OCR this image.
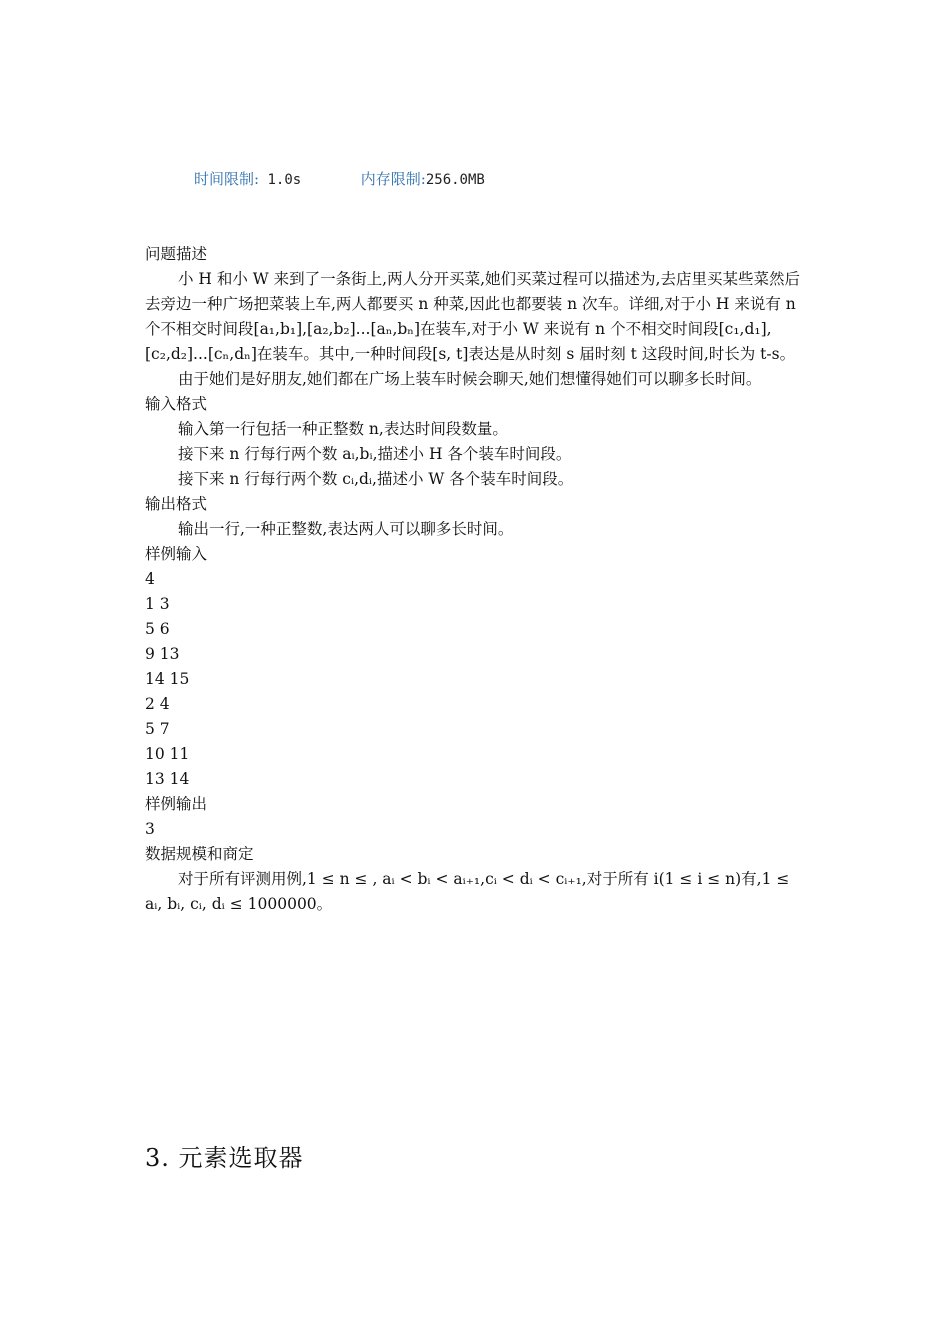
时间限制: 1.0s	内存限制:256.0MB

问题描述

小 H 和小 W 来到了一条街上,两人分开买菜,她们买菜过程可以描述为,去店里买某些菜然后去旁边一种广场把菜装上车,两人都要买 n 种菜,因此也都要装 n 次车。详细,对于小 H 来说有 n 个不相交时间段[a₁,b₁],[a₂,b₂]...[aₙ,bₙ]在装车,对于小 W 来说有 n 个不相交时间段[c₁,d₁],[c₂,d₂]...[cₙ,dₙ]在装车。其中,一种时间段[s, t]表达是从时刻 s 届时刻 t 这段时间,时长为 t-s。

由于她们是好朋友,她们都在广场上装车时候会聊天,她们想懂得她们可以聊多长时间。

输入格式

输入第一行包括一种正整数 n,表达时间段数量。

接下来 n 行每行两个数 aᵢ,bᵢ,描述小 H 各个装车时间段。

接下来 n 行每行两个数 cᵢ,dᵢ,描述小 W 各个装车时间段。

输出格式

输出一行,一种正整数,表达两人可以聊多长时间。

样例输入

4

1 3

5 6

9 13

14 15

2 4

5 7

10 11

13 14

样例输出

3

数据规模和商定

对于所有评测用例,1 ≤ n ≤ , aᵢ < bᵢ < aᵢ₊₁,cᵢ < dᵢ < cᵢ₊₁,对于所有 i(1 ≤ i ≤ n)有,1 ≤ aᵢ, bᵢ, cᵢ, dᵢ ≤ 1000000。

3. 元素选取器
